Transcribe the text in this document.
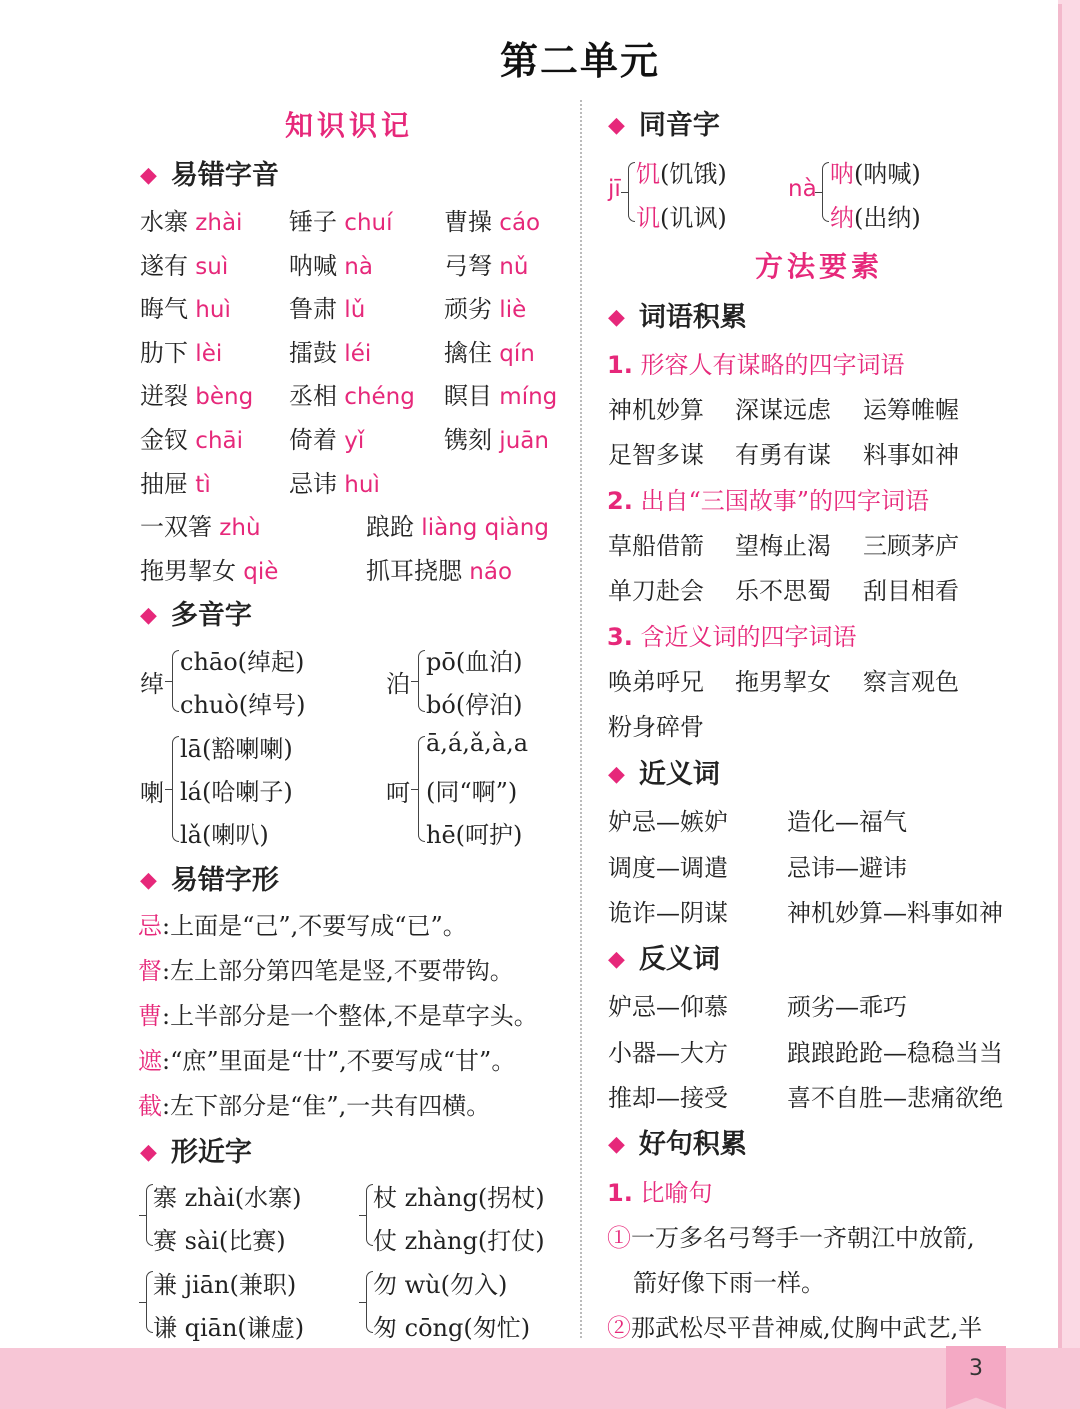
3
第二单元
知识识记
◆ 易错字音
水寨 zhài 锤子 chuí 曹操 cáo
遂有 suì	呐喊 nà	弓弩 nǔ
晦气 huì 鲁肃 lǔ	顽劣 liè
肋下 lèi	擂鼓 léi	擒住 qín
迸裂 bèng 丞相 chéng 瞑目 míng
金钗 chāi 倚着 yǐ	镌刻 juān
抽屉 tì	忌讳 huì
一双箸 zhù	踉跄 liàng qiàng
拖男挈女 qiè	抓耳挠腮 náo
◆ 多音字
绰
chāo(绰起)
chuò(绰号)
泊
pō(血泊)
bó(停泊)
喇
lā(豁喇喇)
lá(哈喇子)
lǎ(喇叭)
呵
ā,á,ǎ,à,a
(同“啊”)
hē(呵护)
◆ 易错字形
忌:上面是“己”,不要写成“已”。
督:左上部分第四笔是竖,不要带钩。
曹:上半部分是一个整体,不是草字头。
遮:“庶”里面是“廿”,不要写成“甘”。
截:左下部分是“隹”,一共有四横。
◆ 形近字
寨 zhài(水寨)
赛 sài(比赛)
杖 zhàng(拐杖)
仗 zhàng(打仗)
兼 jiān(兼职)
谦 qiān(谦虚)
勿 wù(勿入)
匆 cōng(匆忙)
◆ 同音字
jī
饥(饥饿)
讥(讥讽)
nà
呐(呐喊)
纳(出纳)
方法要素
◆ 词语积累
1. 形容人有谋略的四字词语
神机妙算 深谋远虑 运筹帷幄
足智多谋 有勇有谋 料事如神
2. 出自“三国故事”的四字词语
草船借箭 望梅止渴 三顾茅庐
单刀赴会 乐不思蜀 刮目相看
3. 含近义词的四字词语
唤弟呼兄 拖男挈女 察言观色
粉身碎骨
◆ 近义词
妒忌—嫉妒 造化—福气
调度—调遣 忌讳—避讳
诡诈—阴谋 神机妙算—料事如神
◆ 反义词
妒忌—仰慕 顽劣—乖巧
小器—大方 踉踉跄跄—稳稳当当
推却—接受 喜不自胜—悲痛欲绝
◆ 好句积累
1. 比喻句
①一万多名弓弩手一齐朝江中放箭,
箭好像下雨一样。
②那武松尽平昔神威,仗胸中武艺,半
